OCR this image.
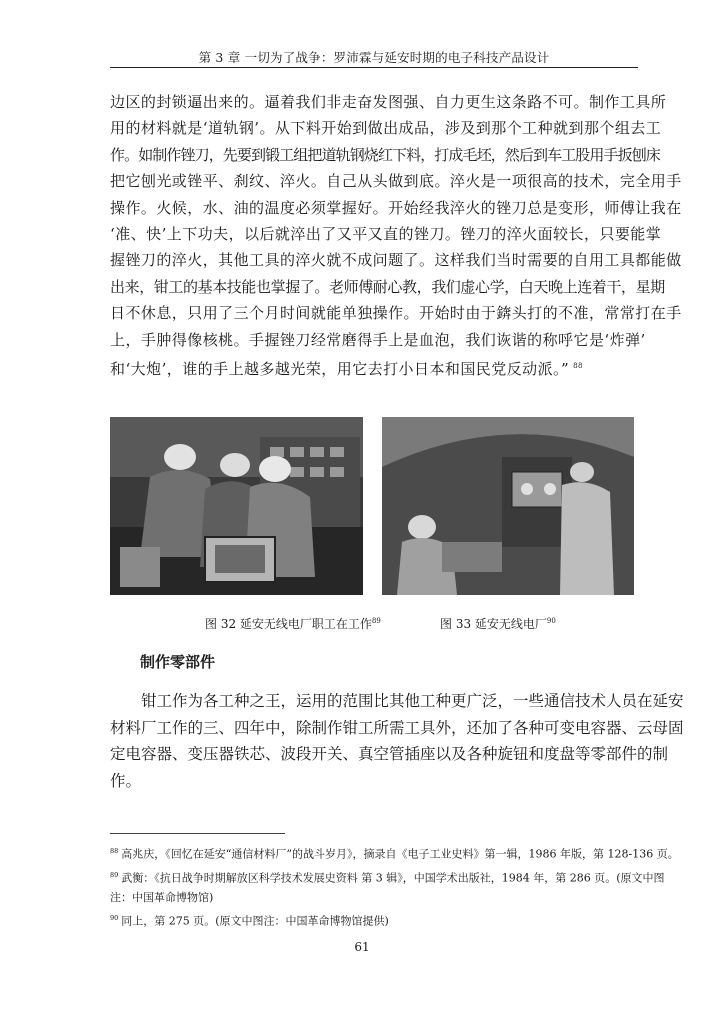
第 3 章 一切为了战争：罗沛霖与延安时期的电子科技产品设计
边区的封锁逼出来的。逼着我们非走奋发图强、自力更生这条路不可。制作工具所
用的材料就是‘道轨钢’。从下料开始到做出成品，涉及到那个工种就到那个组去工
作。如制作锉刀，先要到锻工组把道轨钢烧红下料，打成毛坯，然后到车工股用手扳刨床
把它刨光或锉平、刹纹、淬火。自己从头做到底。淬火是一项很高的技术，完全用手
操作。火候，水、油的温度必须掌握好。开始经我淬火的锉刀总是变形，师傅让我在
‘准、快’上下功夫，以后就淬出了又平又直的锉刀。锉刀的淬火面较长，只要能掌
握锉刀的淬火，其他工具的淬火就不成问题了。这样我们当时需要的自用工具都能做
出来，钳工的基本技能也掌握了。老师傅耐心教，我们虚心学，白天晚上连着干，星期
日不休息，只用了三个月时间就能单独操作。开始时由于錛头打的不准，常常打在手
上，手肿得像核桃。手握锉刀经常磨得手上是血泡，我们诙谐的称呼它是‘炸弹’
和‘大炮’，谁的手上越多越光荣，用它去打小日本和国民党反动派。” $^{88}$
图 32 延安无线电厂职工在工作$^{89}$	图 33 延安无线电厂$^{90}$
制作零部件
钳工作为各工种之王，运用的范围比其他工种更广泛，一些通信技术人员在延安
材料厂工作的三、四年中，除制作钳工所需工具外，还加了各种可变电容器、云母固
定电容器、变压器铁芯、波段开关、真空管插座以及各种旋钮和度盘等零部件的制
作。
$^{88}$ 高兆庆，《回忆在延安“通信材料厂”的战斗岁月》，摘录自《电子工业史料》第一辑，1986 年版，第 128-136 页。
$^{89}$ 武衡：《抗日战争时期解放区科学技术发展史资料 第 3 辑》，中国学术出版社，1984 年，第 286 页。(原文中图
注：中国革命博物馆)
$^{90}$ 同上，第 275 页。(原文中图注：中国革命博物馆提供)
61
